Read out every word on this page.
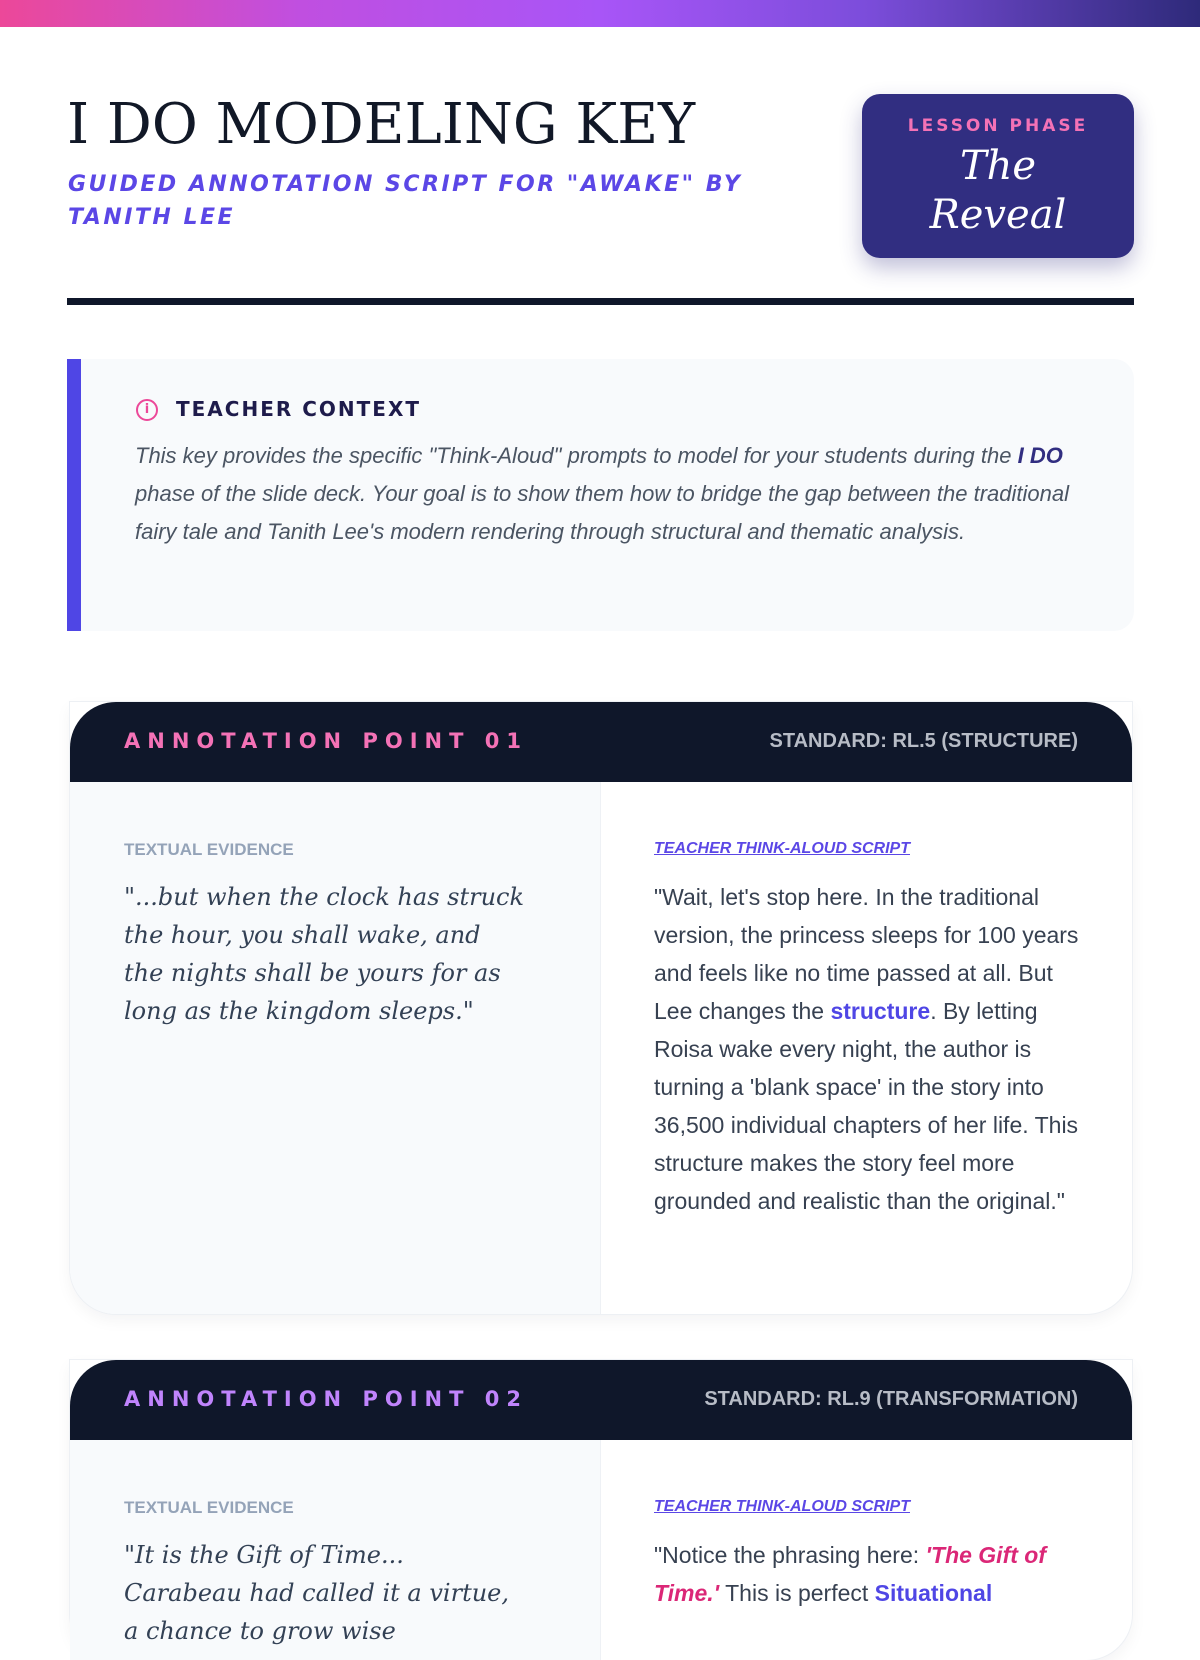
I DO MODELING KEY
GUIDED ANNOTATION SCRIPT FOR "AWAKE" BY TANITH LEE
LESSON PHASE
The Reveal
i	TEACHER CONTEXT

This key provides the specific "Think-Aloud" prompts to model for your students during the I DO phase of the slide deck. Your goal is to show them how to bridge the gap between the traditional fairy tale and Tanith Lee's modern rendering through structural and thematic analysis.

ANNOTATION POINT 01	STANDARD: RL.5 (STRUCTURE)
TEXTUAL EVIDENCE
"...but when the clock has struck the hour, you shall wake, and the nights shall be yours for as long as the kingdom sleeps."
TEACHER THINK-ALOUD SCRIPT

"Wait, let's stop here. In the traditional version, the princess sleeps for 100 years and feels like no time passed at all. But Lee changes the structure. By letting Roisa wake every night, the author is turning a 'blank space' in the story into 36,500 individual chapters of her life. This structure makes the story feel more grounded and realistic than the original."

ANNOTATION POINT 02	STANDARD: RL.9 (TRANSFORMATION)
TEXTUAL EVIDENCE
"It is the Gift of Time... Carabeau had called it a virtue, a chance to grow wise
TEACHER THINK-ALOUD SCRIPT

"Notice the phrasing here: 'The Gift of Time.' This is perfect Situational
